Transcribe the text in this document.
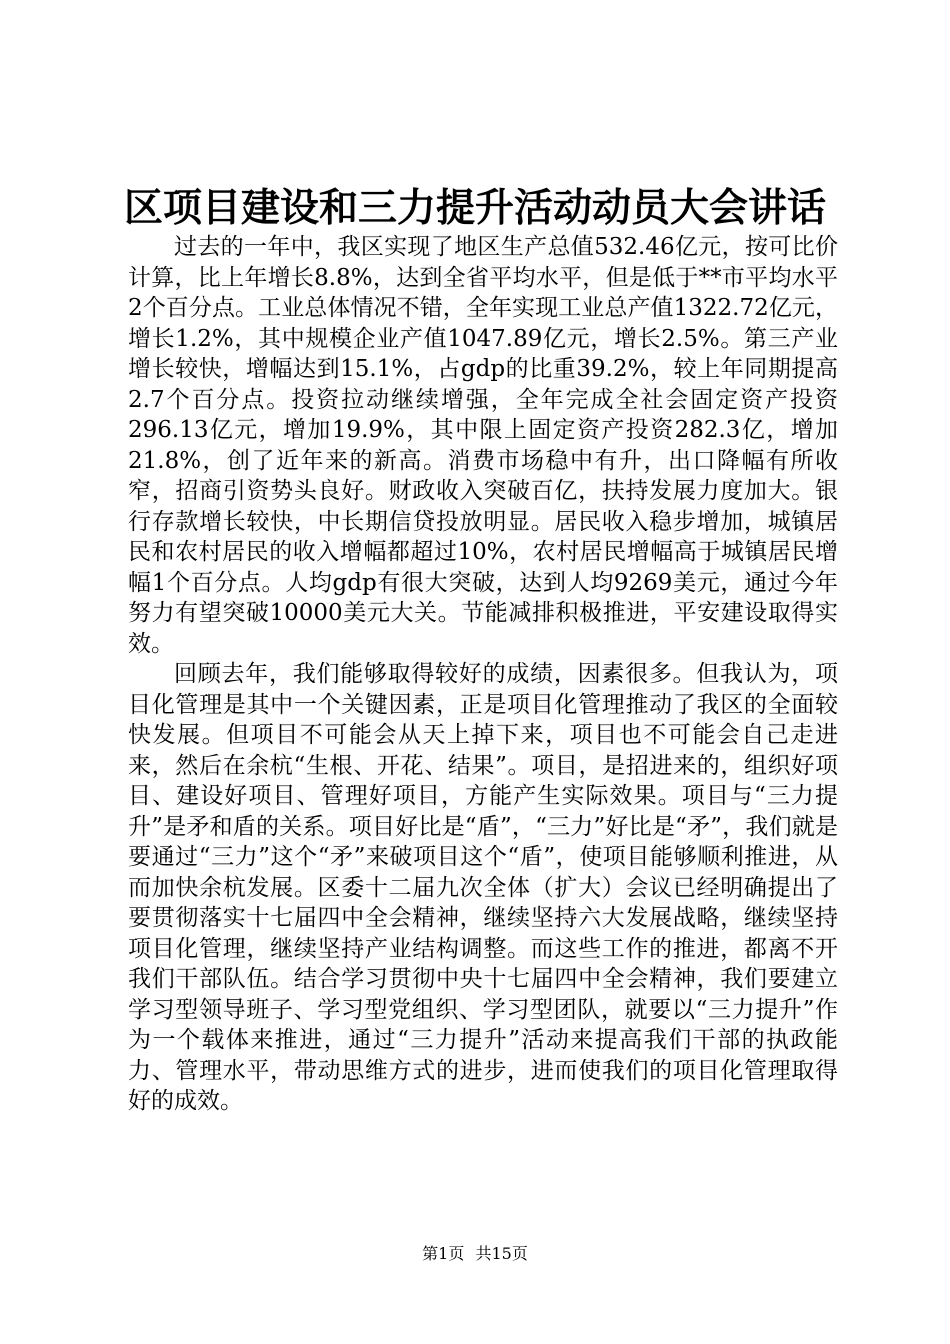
区项目建设和三力提升活动动员大会讲话

过去的一年中，我区实现了地区生产总值532.46亿元，按可比价计算，比上年增长8.8%，达到全省平均水平，但是低于**市平均水平2个百分点。工业总体情况不错，全年实现工业总产值1322.72亿元，增长1.2%，其中规模企业产值1047.89亿元，增长2.5%。第三产业增长较快，增幅达到15.1%，占gdp的比重39.2%，较上年同期提高2.7个百分点。投资拉动继续增强，全年完成全社会固定资产投资296.13亿元，增加19.9%，其中限上固定资产投资282.3亿，增加21.8%，创了近年来的新高。消费市场稳中有升，出口降幅有所收窄，招商引资势头良好。财政收入突破百亿，扶持发展力度加大。银行存款增长较快，中长期信贷投放明显。居民收入稳步增加，城镇居民和农村居民的收入增幅都超过10%，农村居民增幅高于城镇居民增幅1个百分点。人均gdp有很大突破，达到人均9269美元，通过今年努力有望突破10000美元大关。节能减排积极推进，平安建设取得实效。

回顾去年，我们能够取得较好的成绩，因素很多。但我认为，项目化管理是其中一个关键因素，正是项目化管理推动了我区的全面较快发展。但项目不可能会从天上掉下来，项目也不可能会自己走进来，然后在余杭“生根、开花、结果”。项目，是招进来的，组织好项目、建设好项目、管理好项目，方能产生实际效果。项目与“三力提升”是矛和盾的关系。项目好比是“盾”，“三力”好比是“矛”，我们就是要通过“三力”这个“矛”来破项目这个“盾”，使项目能够顺利推进，从而加快余杭发展。区委十二届九次全体（扩大）会议已经明确提出了要贯彻落实十七届四中全会精神，继续坚持六大发展战略，继续坚持项目化管理，继续坚持产业结构调整。而这些工作的推进，都离不开我们干部队伍。结合学习贯彻中央十七届四中全会精神，我们要建立学习型领导班子、学习型党组织、学习型团队，就要以“三力提升”作为一个载体来推进，通过“三力提升”活动来提高我们干部的执政能力、管理水平，带动思维方式的进步，进而使我们的项目化管理取得好的成效。

第1页 共15页
